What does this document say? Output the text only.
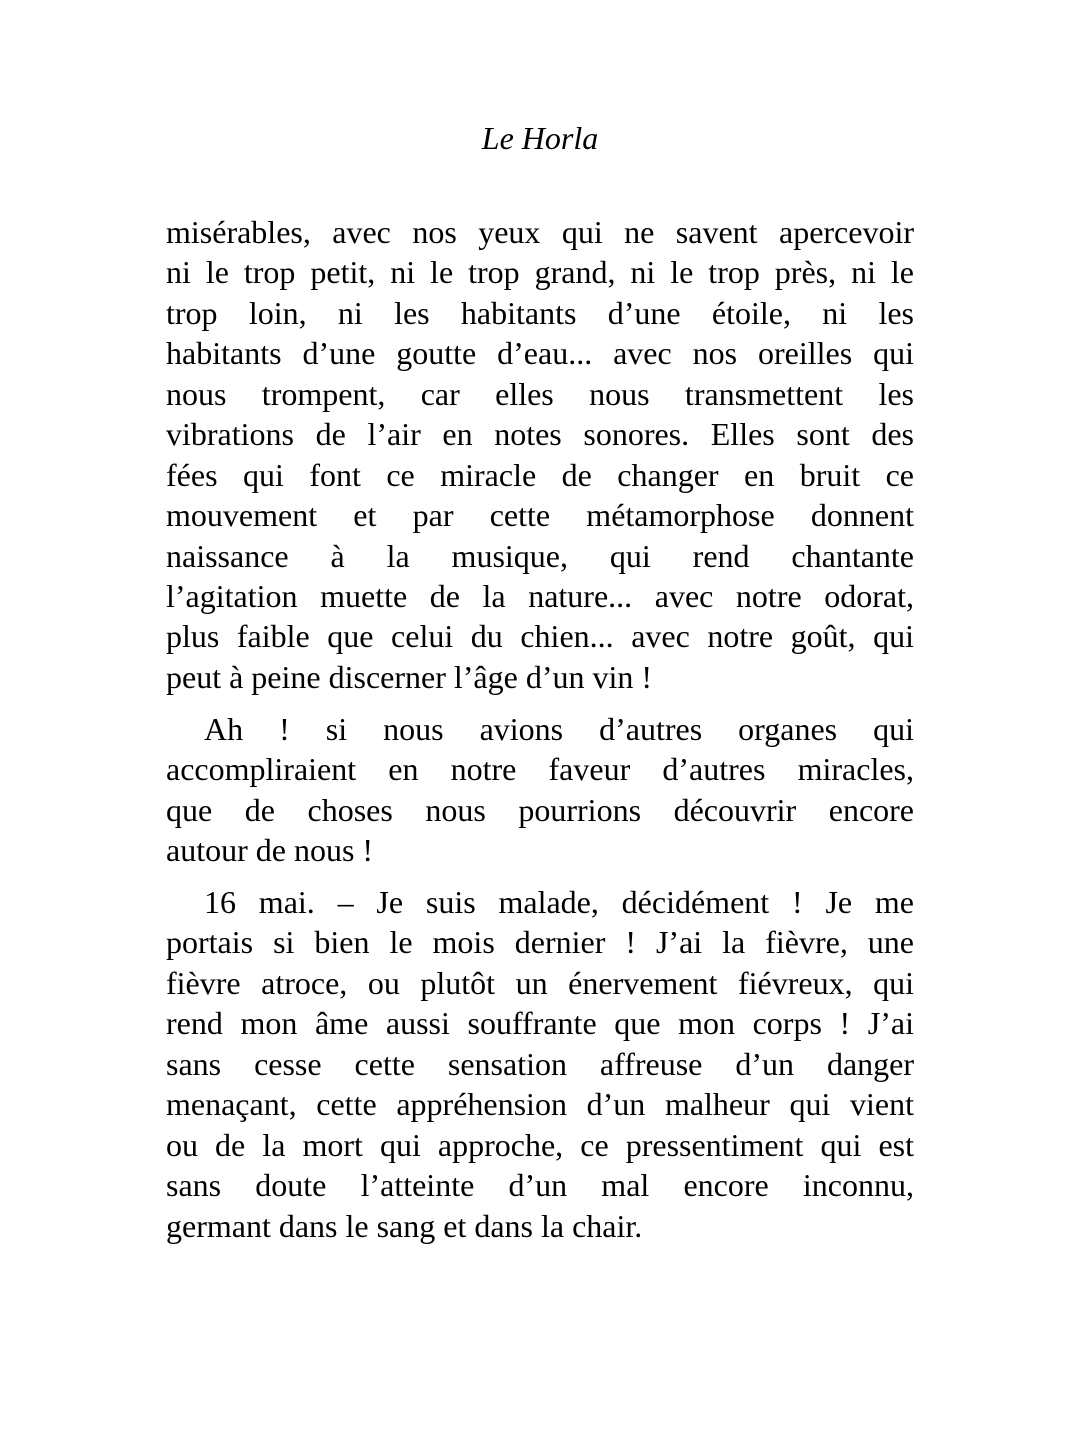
Le Horla
misérables, avec nos yeux qui ne savent apercevoir
ni le trop petit, ni le trop grand, ni le trop près, ni le
trop loin, ni les habitants d’une étoile, ni les
habitants d’une goutte d’eau... avec nos oreilles qui
nous trompent, car elles nous transmettent les
vibrations de l’air en notes sonores. Elles sont des
fées qui font ce miracle de changer en bruit ce
mouvement et par cette métamorphose donnent
naissance à la musique, qui rend chantante
l’agitation muette de la nature... avec notre odorat,
plus faible que celui du chien... avec notre goût, qui
peut à peine discerner l’âge d’un vin !
Ah ! si nous avions d’autres organes qui
accompliraient en notre faveur d’autres miracles,
que de choses nous pourrions découvrir encore
autour de nous !
16 mai. – Je suis malade, décidément ! Je me
portais si bien le mois dernier ! J’ai la fièvre, une
fièvre atroce, ou plutôt un énervement fiévreux, qui
rend mon âme aussi souffrante que mon corps ! J’ai
sans cesse cette sensation affreuse d’un danger
menaçant, cette appréhension d’un malheur qui vient
ou de la mort qui approche, ce pressentiment qui est
sans doute l’atteinte d’un mal encore inconnu,
germant dans le sang et dans la chair.
